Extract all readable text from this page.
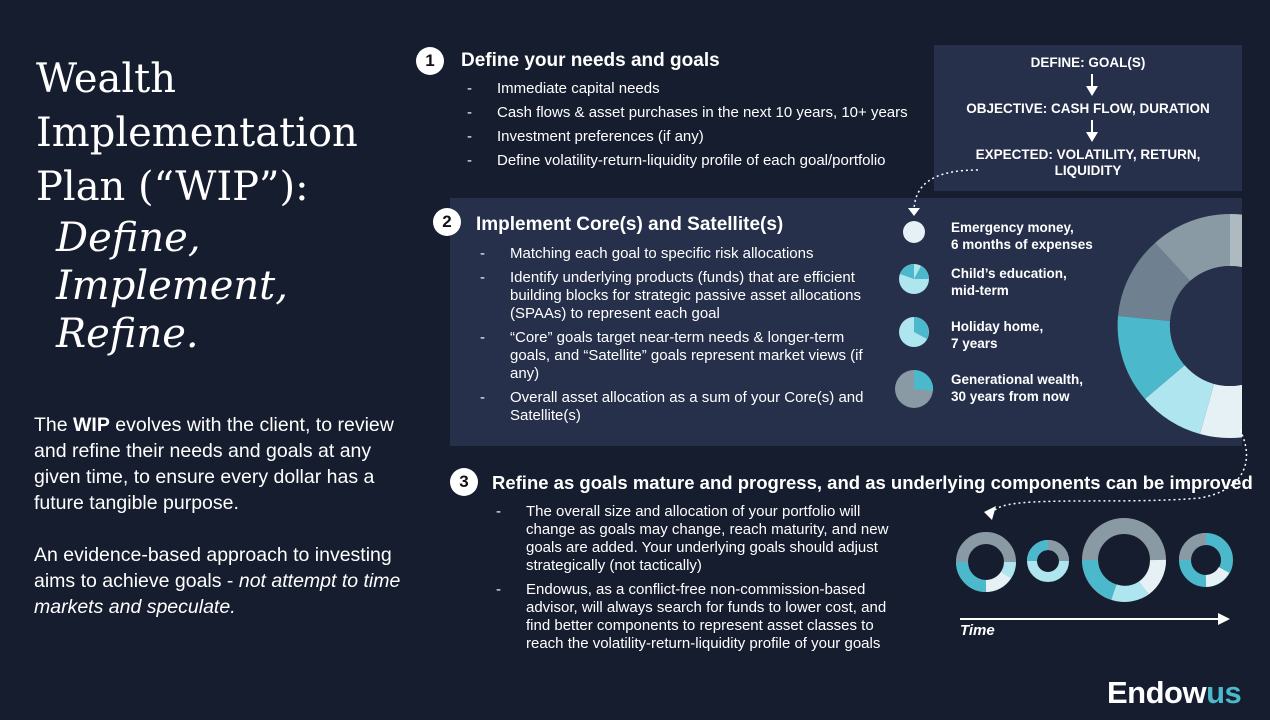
Wealth
Implementation
Plan (“WIP”):
Define,
Implement,
Refine.
The WIP evolves with the client, to review and refine their needs and goals at any given time, to ensure every dollar has a future tangible purpose.
An evidence-based approach to investing aims to achieve goals - not attempt to time markets and speculate.
1	Define your needs and goals
- Immediate capital needs
- Cash flows & asset purchases in the next 10 years, 10+ years
- Investment preferences (if any)
- Define volatility-return-liquidity profile of each goal/portfolio
DEFINE: GOAL(S)
OBJECTIVE: CASH FLOW, DURATION
EXPECTED: VOLATILITY, RETURN,
LIQUIDITY
2	Implement Core(s) and Satellite(s)
- Matching each goal to specific risk allocations
- Identify underlying products (funds) that are efficient building blocks for strategic passive asset allocations (SPAAs) to represent each goal
- “Core” goals target near-term needs & longer-term goals, and “Satellite” goals represent market views (if any)
- Overall asset allocation as a sum of your Core(s) and Satellite(s)
Emergency money,
6 months of expenses
Child’s education,
mid-term
Holiday home,
7 years
Generational wealth,
30 years from now
3	Refine as goals mature and progress, and as underlying components can be improved
- The overall size and allocation of your portfolio will change as goals may change, reach maturity, and new goals are added. Your underlying goals should adjust strategically (not tactically)
- Endowus, as a conflict-free non-commission-based advisor, will always search for funds to lower cost, and find better components to represent asset classes to reach the volatility-return-liquidity profile of your goals
Time
Endowus
